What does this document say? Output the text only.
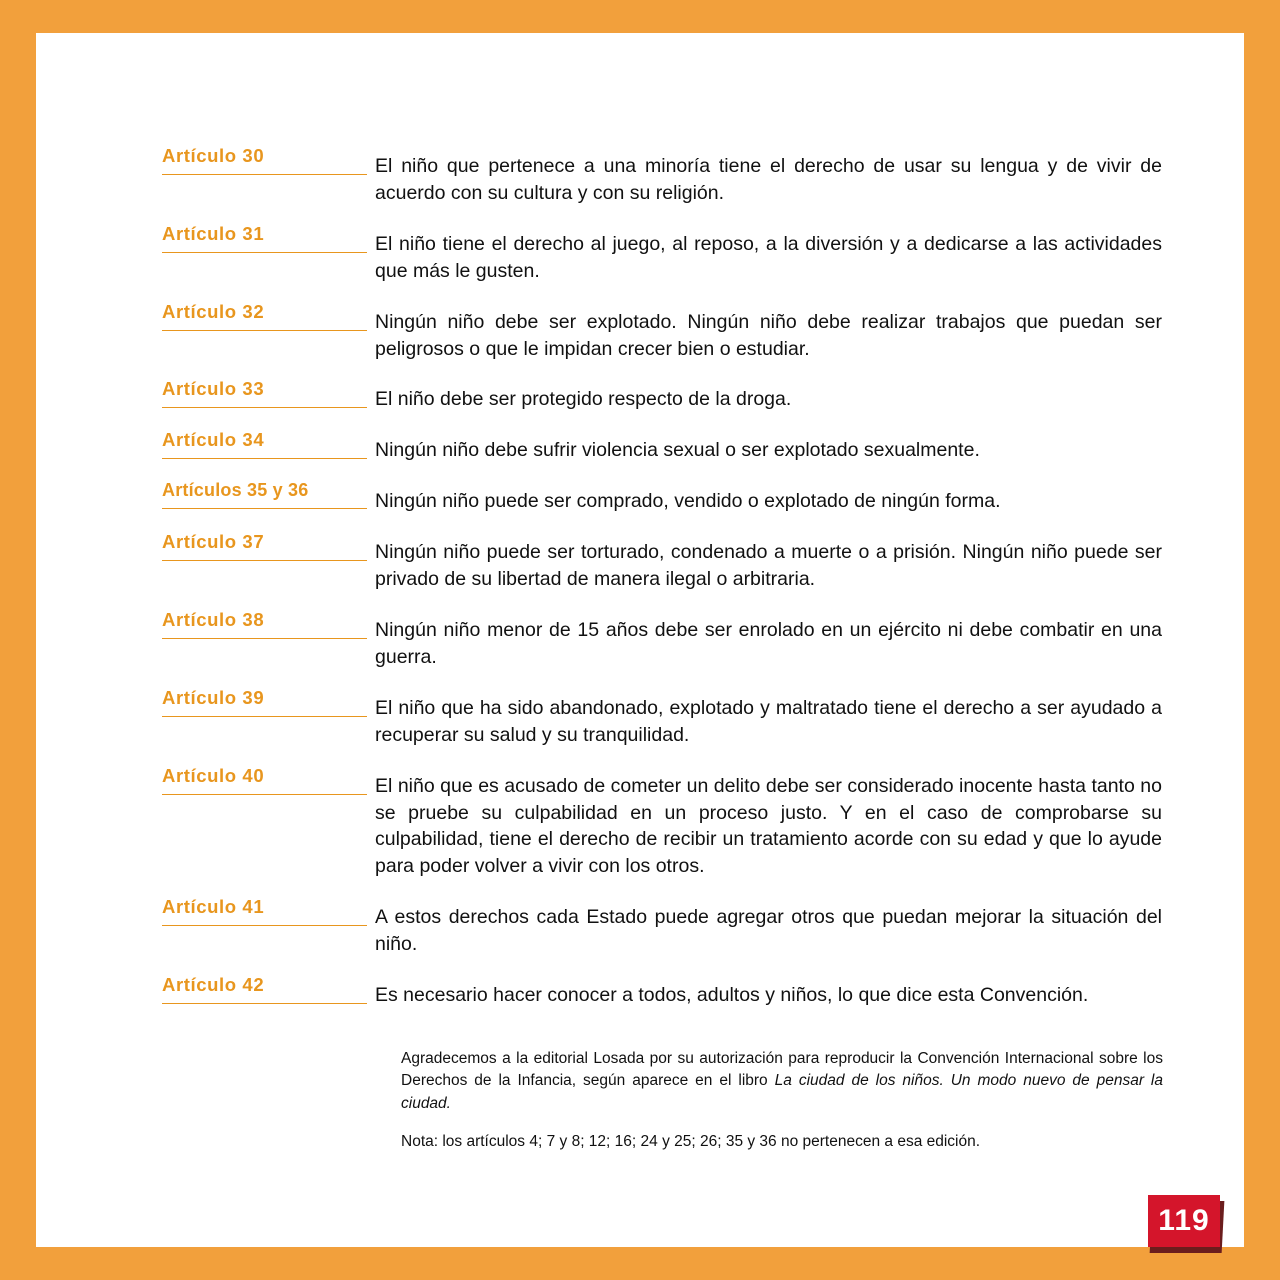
Artículo 30	El niño que pertenece a una minoría tiene el derecho de usar su lengua y de vivir de acuerdo con su cultura y con su religión.
Artículo 31	El niño tiene el derecho al juego, al reposo, a la diversión y a dedicarse a las actividades que más le gusten.
Artículo 32	Ningún niño debe ser explotado. Ningún niño debe realizar trabajos que puedan ser peligrosos o que le impidan crecer bien o estudiar.
Artículo 33	El niño debe ser protegido respecto de la droga.
Artículo 34	Ningún niño debe sufrir violencia sexual o ser explotado sexualmente.
Artículos 35 y 36	Ningún niño puede ser comprado, vendido o explotado de ningún forma.
Artículo 37	Ningún niño puede ser torturado, condenado a muerte o a prisión. Ningún niño puede ser privado de su libertad de manera ilegal o arbitraria.
Artículo 38	Ningún niño menor de 15 años debe ser enrolado en un ejército ni debe combatir en una guerra.
Artículo 39	El niño que ha sido abandonado, explotado y maltratado tiene el derecho a ser ayudado a recuperar su salud y su tranquilidad.
Artículo 40	El niño que es acusado de cometer un delito debe ser considerado inocente hasta tanto no se pruebe su culpabilidad en un proceso justo. Y en el caso de comprobarse su culpabilidad, tiene el derecho de recibir un tratamiento acorde con su edad y que lo ayude para poder volver a vivir con los otros.
Artículo 41	A estos derechos cada Estado puede agregar otros que puedan mejorar la situación del niño.
Artículo 42	Es necesario hacer conocer a todos, adultos y niños, lo que dice esta Convención.

Agradecemos a la editorial Losada por su autorización para reproducir la Convención Internacional sobre los Derechos de la Infancia, según aparece en el libro La ciudad de los niños. Un modo nuevo de pensar la ciudad.

Nota: los artículos 4; 7 y 8; 12; 16; 24 y 25; 26; 35 y 36 no pertenecen a esa edición.

119
